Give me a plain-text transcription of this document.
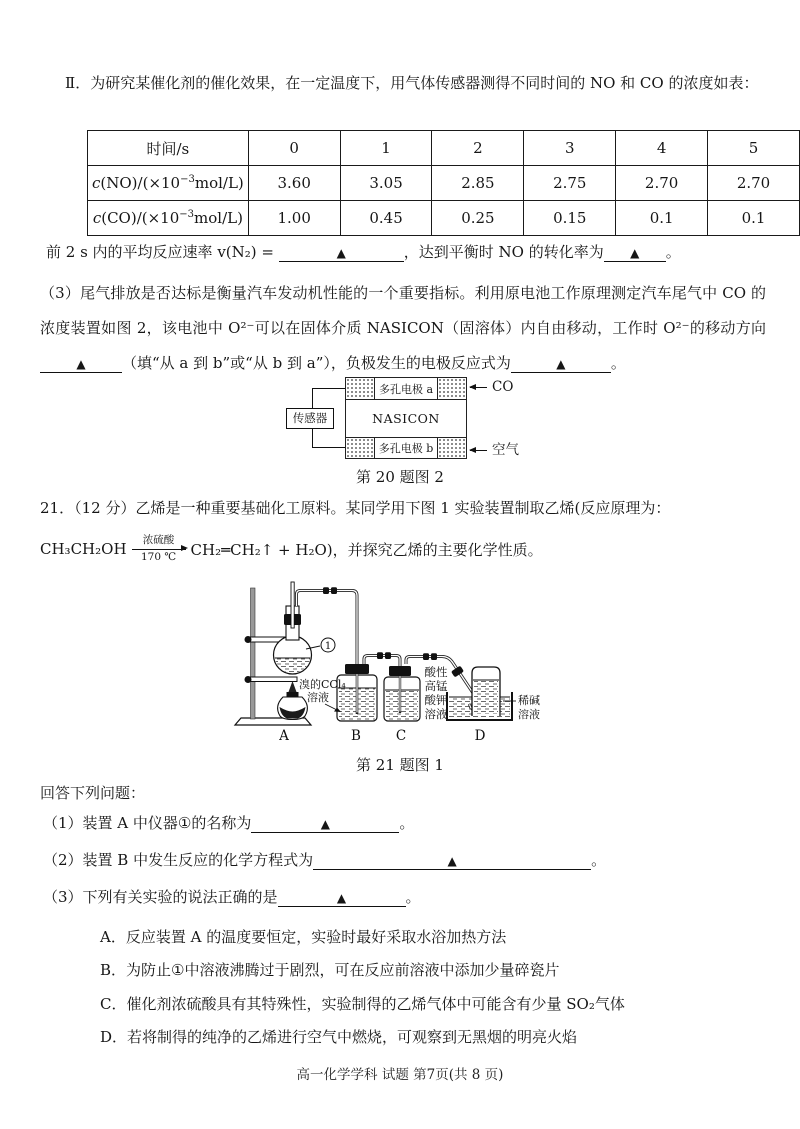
Ⅱ．为研究某催化剂的催化效果，在一定温度下，用气体传感器测得不同时间的 NO 和 CO 的浓度如表：
时间/s	0	1	2	3	4	5
$c(NO)/(\times 10^{-3}mol/L)$	3.60	3.05	2.85	2.75	2.70	2.70
$c(CO)/(\times 10^{-3}mol/L)$	1.00	0.45	0.25	0.15	0.1	0.1
前 2 s 内的平均反应速率 v(N₂) =	▲	，达到平衡时 NO 的转化率为 ▲ 。
（3）尾气排放是否达标是衡量汽车发动机性能的一个重要指标。利用原电池工作原理测定汽车尾气中 CO 的浓度装置如图 2，该电池中 O²⁻可以在固体介质 NASICON（固溶体）内自由移动，工作时 O²⁻的移动方向▲ （填“从 a 到 b”或“从 b 到 a”），负极发生的电极反应式为	▲	。
传感器
多孔电极 a
NASICON
多孔电极 b
CO
空气
第 20 题图 2
21．（12 分）乙烯是一种重要基础化工原料。某同学用下图 1 实验装置制取乙烯(反应原理为：
CH₃CH₂OH 浓硫酸
170 ℃ CH₂═CH₂↑ + H₂O)，并探究乙烯的主要化学性质。
1
溴的CCl₄
溶液
酸性
高锰
酸钾
溶液
稀碱
溶液
A	B	C	D
第 21 题图 1
回答下列问题：
（1）装置 A 中仪器①的名称为	▲	。
（2）装置 B 中发生反应的化学方程式为	▲	。
（3）下列有关实验的说法正确的是	▲	。
A．反应装置 A 的温度要恒定，实验时最好采取水浴加热方法
B．为防止①中溶液沸腾过于剧烈，可在反应前溶液中添加少量碎瓷片
C．催化剂浓硫酸具有其特殊性，实验制得的乙烯气体中可能含有少量 SO₂气体
D．若将制得的纯净的乙烯进行空气中燃烧，可观察到无黑烟的明亮火焰
高一化学学科 试题 第7页(共 8 页)
